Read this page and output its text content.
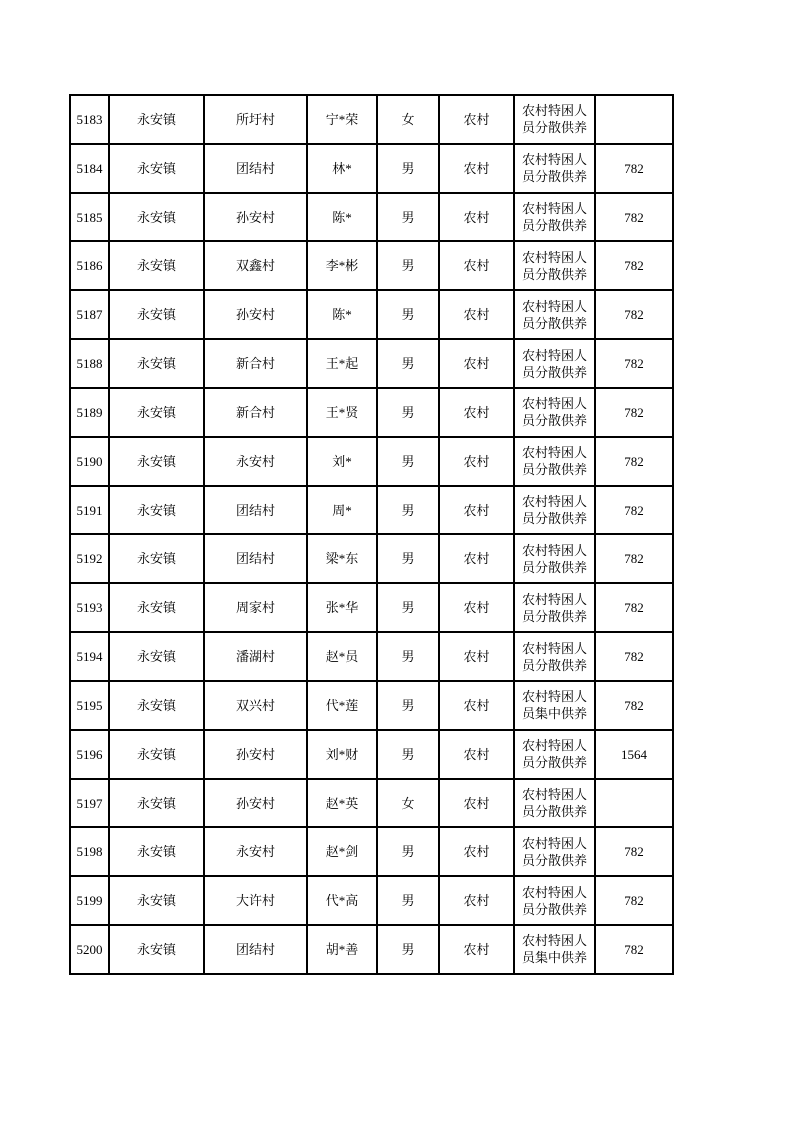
5183	永安镇	所圩村	宁*荣	女	农村	农村特困人员分散供养	
5184	永安镇	团结村	林*	男	农村	农村特困人员分散供养	782
5185	永安镇	孙安村	陈*	男	农村	农村特困人员分散供养	782
5186	永安镇	双鑫村	李*彬	男	农村	农村特困人员分散供养	782
5187	永安镇	孙安村	陈*	男	农村	农村特困人员分散供养	782
5188	永安镇	新合村	王*起	男	农村	农村特困人员分散供养	782
5189	永安镇	新合村	王*贤	男	农村	农村特困人员分散供养	782
5190	永安镇	永安村	刘*	男	农村	农村特困人员分散供养	782
5191	永安镇	团结村	周*	男	农村	农村特困人员分散供养	782
5192	永安镇	团结村	梁*东	男	农村	农村特困人员分散供养	782
5193	永安镇	周家村	张*华	男	农村	农村特困人员分散供养	782
5194	永安镇	潘湖村	赵*员	男	农村	农村特困人员分散供养	782
5195	永安镇	双兴村	代*莲	男	农村	农村特困人员集中供养	782
5196	永安镇	孙安村	刘*财	男	农村	农村特困人员分散供养	1564
5197	永安镇	孙安村	赵*英	女	农村	农村特困人员分散供养	
5198	永安镇	永安村	赵*剑	男	农村	农村特困人员分散供养	782
5199	永安镇	大许村	代*高	男	农村	农村特困人员分散供养	782
5200	永安镇	团结村	胡*善	男	农村	农村特困人员集中供养	782
